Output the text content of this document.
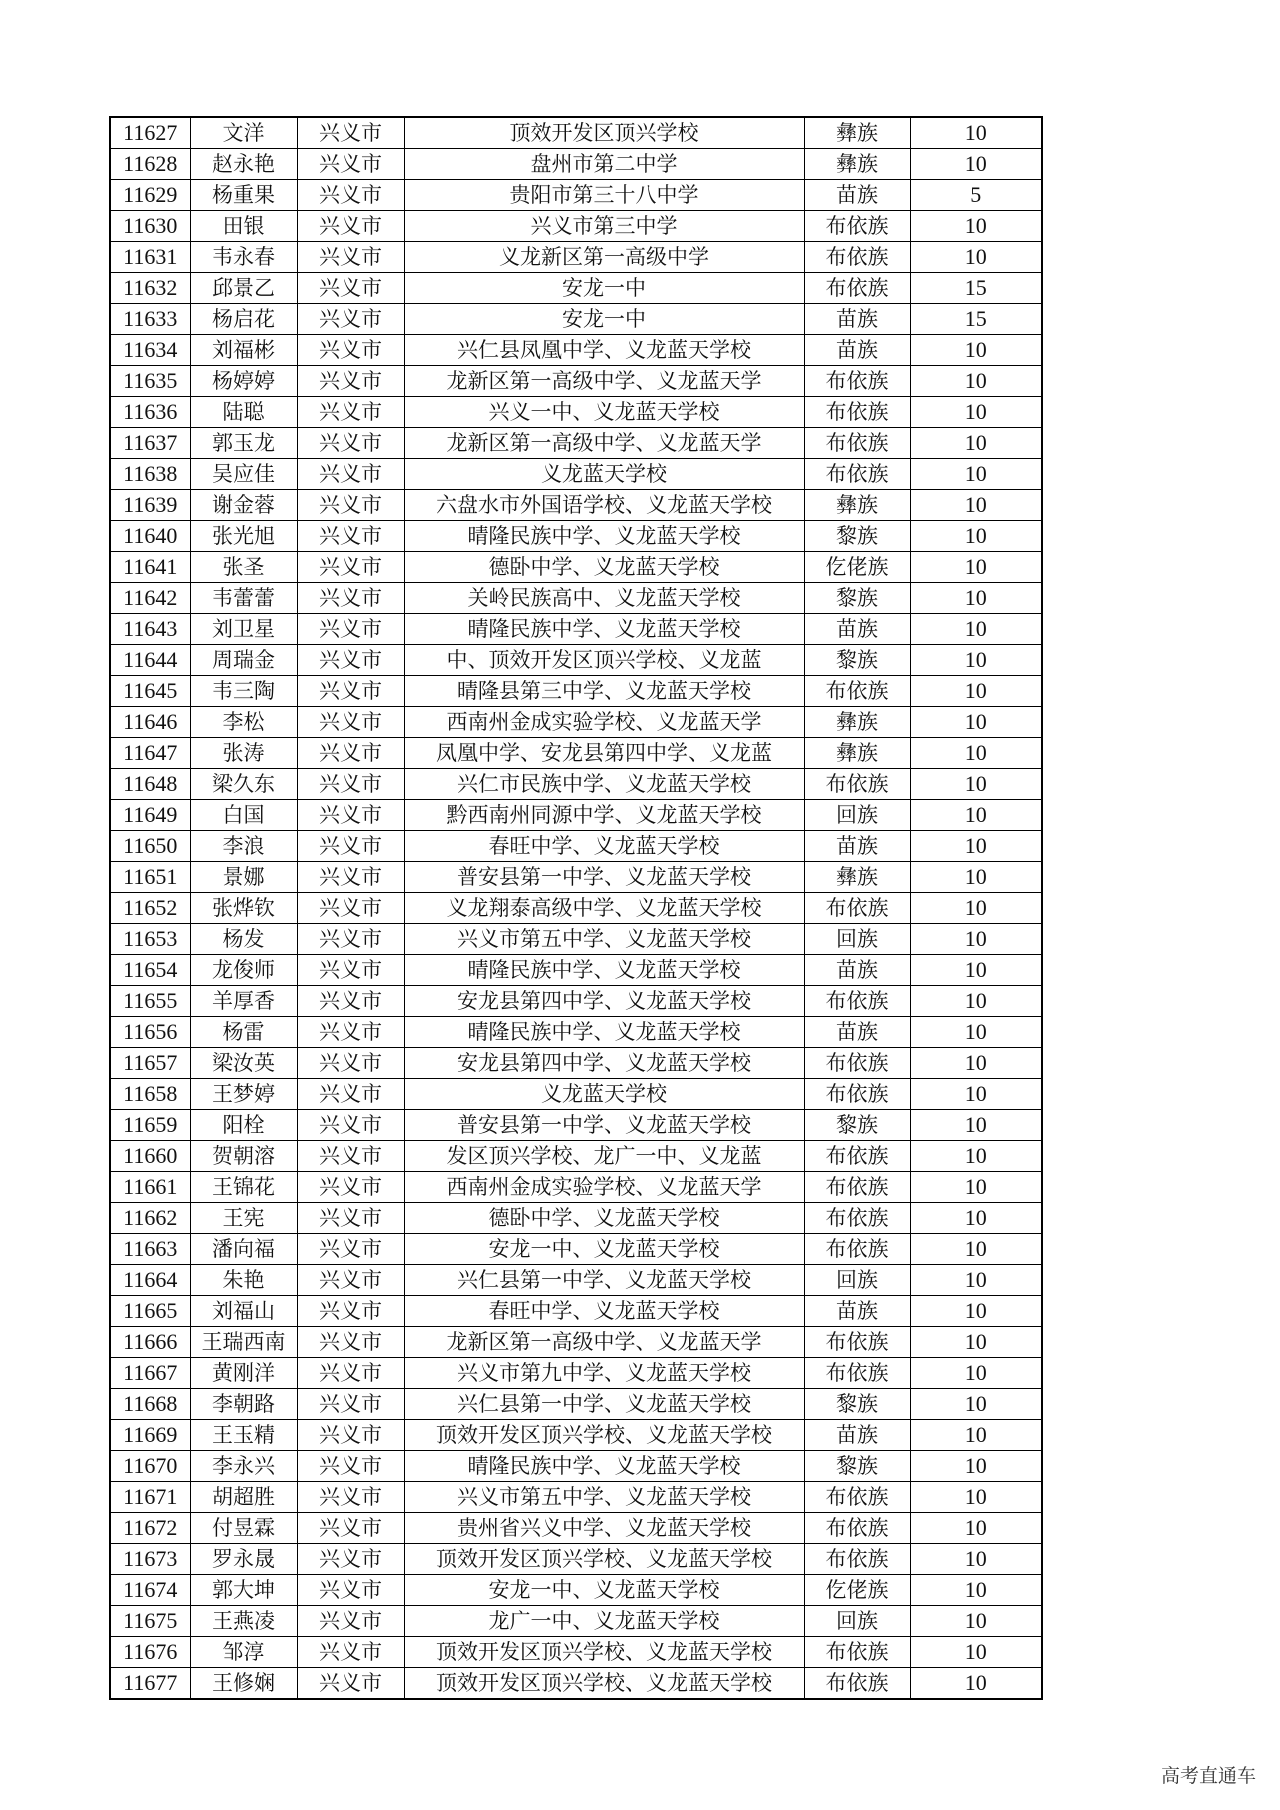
11627	文洋	兴义市	顶效开发区顶兴学校	彝族	10
11628	赵永艳	兴义市	盘州市第二中学	彝族	10
11629	杨重果	兴义市	贵阳市第三十八中学	苗族	5
11630	田银	兴义市	兴义市第三中学	布依族	10
11631	韦永春	兴义市	义龙新区第一高级中学	布依族	10
11632	邱景乙	兴义市	安龙一中	布依族	15
11633	杨启花	兴义市	安龙一中	苗族	15
11634	刘福彬	兴义市	兴仁县凤凰中学、义龙蓝天学校	苗族	10
11635	杨婷婷	兴义市	龙新区第一高级中学、义龙蓝天学	布依族	10
11636	陆聪	兴义市	兴义一中、义龙蓝天学校	布依族	10
11637	郭玉龙	兴义市	龙新区第一高级中学、义龙蓝天学	布依族	10
11638	吴应佳	兴义市	义龙蓝天学校	布依族	10
11639	谢金蓉	兴义市	六盘水市外国语学校、义龙蓝天学校	彝族	10
11640	张光旭	兴义市	晴隆民族中学、义龙蓝天学校	黎族	10
11641	张圣	兴义市	德卧中学、义龙蓝天学校	仡佬族	10
11642	韦蕾蕾	兴义市	关岭民族高中、义龙蓝天学校	黎族	10
11643	刘卫星	兴义市	晴隆民族中学、义龙蓝天学校	苗族	10
11644	周瑞金	兴义市	中、顶效开发区顶兴学校、义龙蓝	黎族	10
11645	韦三陶	兴义市	晴隆县第三中学、义龙蓝天学校	布依族	10
11646	李松	兴义市	西南州金成实验学校、义龙蓝天学	彝族	10
11647	张涛	兴义市	凤凰中学、安龙县第四中学、义龙蓝	彝族	10
11648	梁久东	兴义市	兴仁市民族中学、义龙蓝天学校	布依族	10
11649	白国	兴义市	黔西南州同源中学、义龙蓝天学校	回族	10
11650	李浪	兴义市	春旺中学、义龙蓝天学校	苗族	10
11651	景娜	兴义市	普安县第一中学、义龙蓝天学校	彝族	10
11652	张烨钦	兴义市	义龙翔泰高级中学、义龙蓝天学校	布依族	10
11653	杨发	兴义市	兴义市第五中学、义龙蓝天学校	回族	10
11654	龙俊师	兴义市	晴隆民族中学、义龙蓝天学校	苗族	10
11655	羊厚香	兴义市	安龙县第四中学、义龙蓝天学校	布依族	10
11656	杨雷	兴义市	晴隆民族中学、义龙蓝天学校	苗族	10
11657	梁汝英	兴义市	安龙县第四中学、义龙蓝天学校	布依族	10
11658	王梦婷	兴义市	义龙蓝天学校	布依族	10
11659	阳栓	兴义市	普安县第一中学、义龙蓝天学校	黎族	10
11660	贺朝溶	兴义市	发区顶兴学校、龙广一中、义龙蓝	布依族	10
11661	王锦花	兴义市	西南州金成实验学校、义龙蓝天学	布依族	10
11662	王宪	兴义市	德卧中学、义龙蓝天学校	布依族	10
11663	潘向福	兴义市	安龙一中、义龙蓝天学校	布依族	10
11664	朱艳	兴义市	兴仁县第一中学、义龙蓝天学校	回族	10
11665	刘福山	兴义市	春旺中学、义龙蓝天学校	苗族	10
11666	王瑞西南	兴义市	龙新区第一高级中学、义龙蓝天学	布依族	10
11667	黄刚洋	兴义市	兴义市第九中学、义龙蓝天学校	布依族	10
11668	李朝路	兴义市	兴仁县第一中学、义龙蓝天学校	黎族	10
11669	王玉精	兴义市	顶效开发区顶兴学校、义龙蓝天学校	苗族	10
11670	李永兴	兴义市	晴隆民族中学、义龙蓝天学校	黎族	10
11671	胡超胜	兴义市	兴义市第五中学、义龙蓝天学校	布依族	10
11672	付昱霖	兴义市	贵州省兴义中学、义龙蓝天学校	布依族	10
11673	罗永晟	兴义市	顶效开发区顶兴学校、义龙蓝天学校	布依族	10
11674	郭大坤	兴义市	安龙一中、义龙蓝天学校	仡佬族	10
11675	王燕凌	兴义市	龙广一中、义龙蓝天学校	回族	10
11676	邹淳	兴义市	顶效开发区顶兴学校、义龙蓝天学校	布依族	10
11677	王修娴	兴义市	顶效开发区顶兴学校、义龙蓝天学校	布依族	10
高考直通车
